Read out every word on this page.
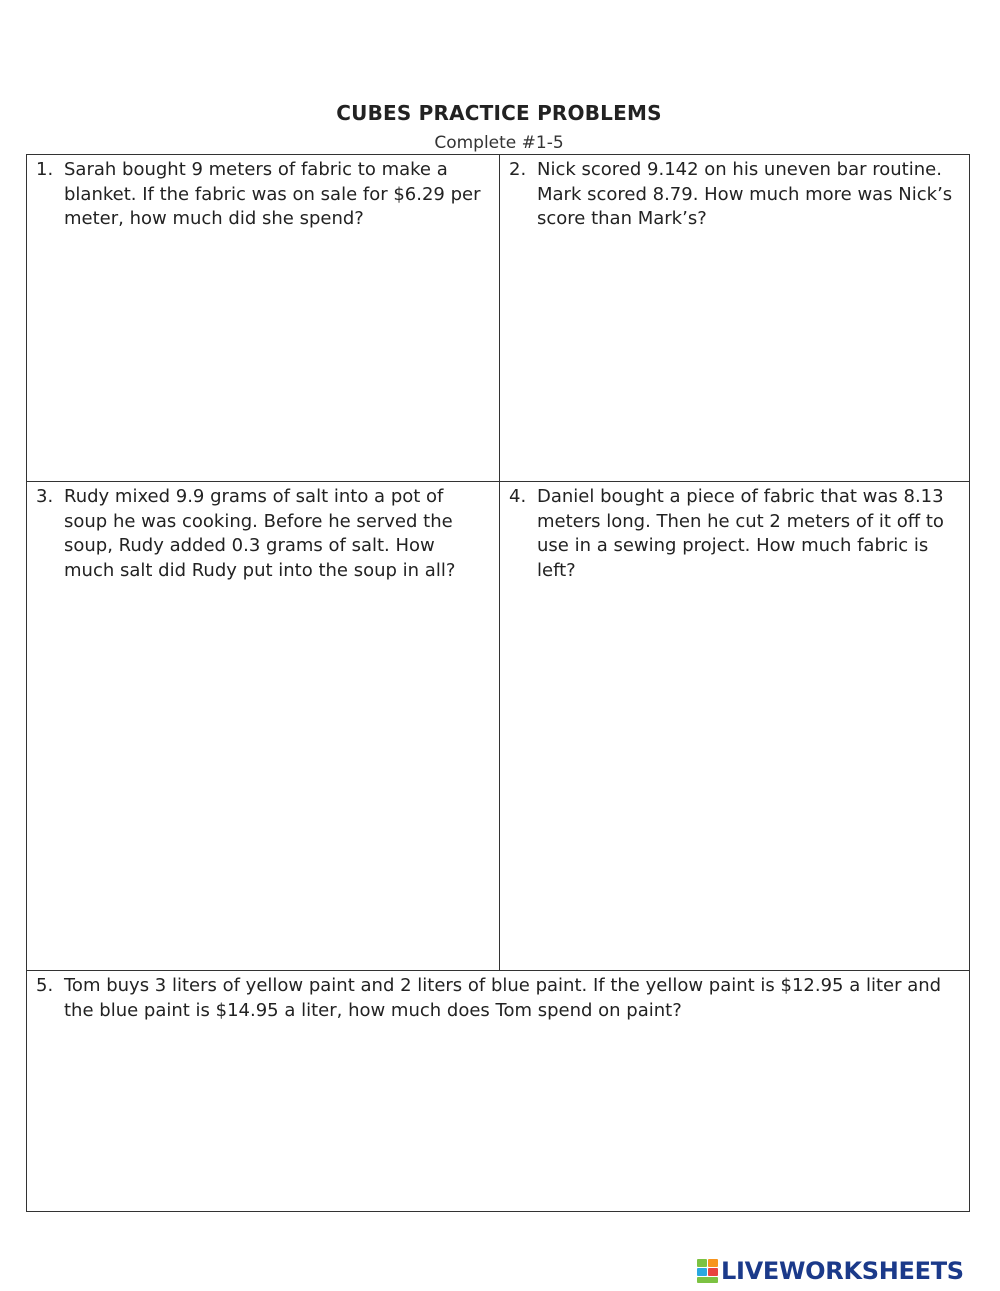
CUBES PRACTICE PROBLEMS
Complete #1-5
1. Sarah bought 9 meters of fabric to make a blanket. If the fabric was on sale for $6.29 per meter, how much did she spend?
2. Nick scored 9.142 on his uneven bar routine. Mark scored 8.79. How much more was Nick’s score than Mark’s?
3. Rudy mixed 9.9 grams of salt into a pot of soup he was cooking. Before he served the soup, Rudy added 0.3 grams of salt. How much salt did Rudy put into the soup in all?
4. Daniel bought a piece of fabric that was 8.13 meters long. Then he cut 2 meters of it off to use in a sewing project. How much fabric is left?
5. Tom buys 3 liters of yellow paint and 2 liters of blue paint. If the yellow paint is $12.95 a liter and the blue paint is $14.95 a liter, how much does Tom spend on paint?
LIVEWORKSHEETS
